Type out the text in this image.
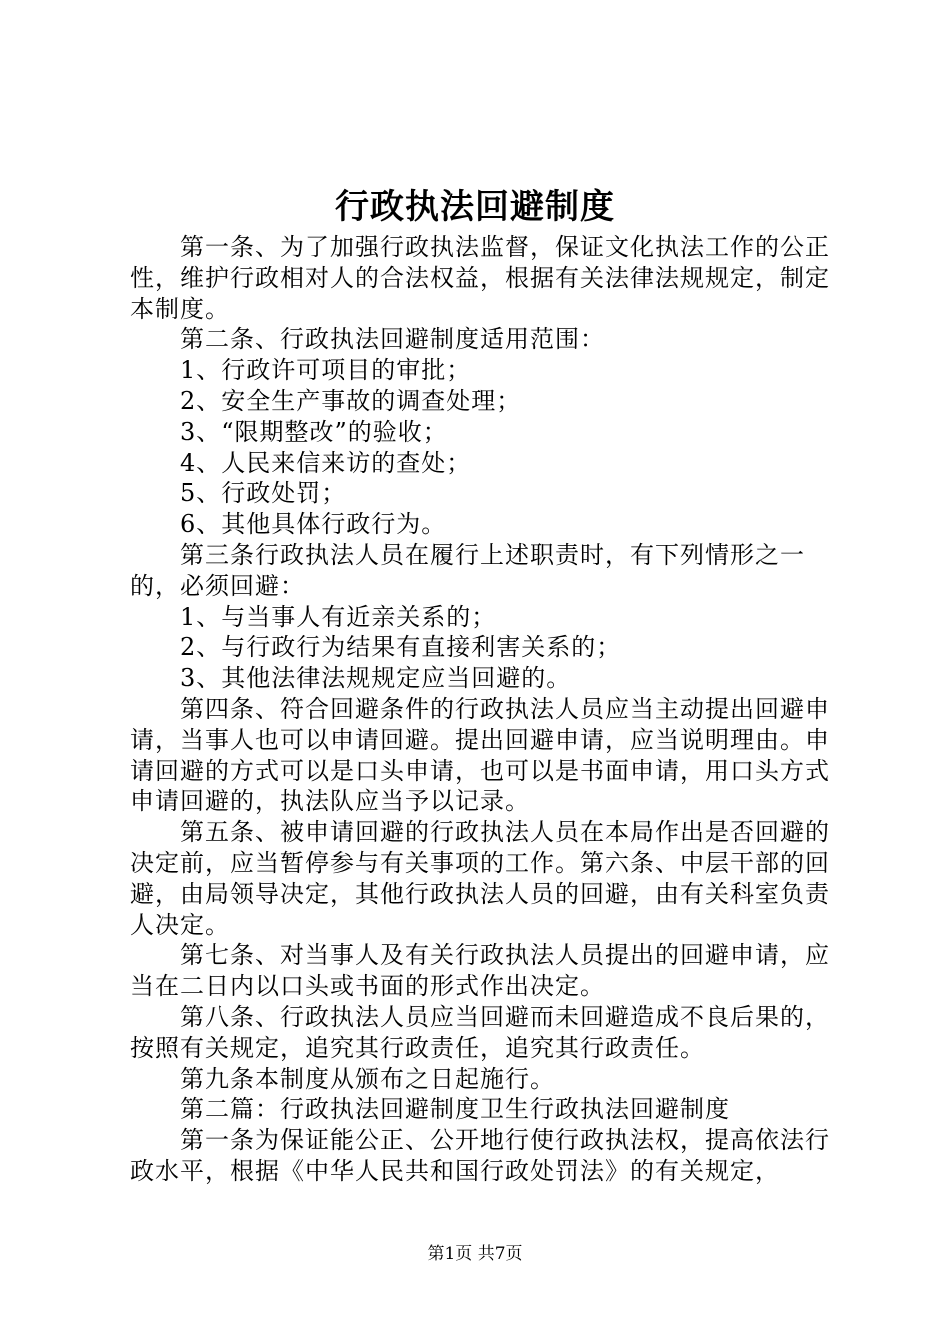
行政执法回避制度

第一条、为了加强行政执法监督，保证文化执法工作的公正性，维护行政相对人的合法权益，根据有关法律法规规定，制定本制度。

第二条、行政执法回避制度适用范围：

1、行政许可项目的审批；

2、安全生产事故的调查处理；

3、“限期整改”的验收；

4、人民来信来访的查处；

5、行政处罚；

6、其他具体行政行为。

第三条行政执法人员在履行上述职责时，有下列情形之一的，必须回避：

1、与当事人有近亲关系的；

2、与行政行为结果有直接利害关系的；

3、其他法律法规规定应当回避的。

第四条、符合回避条件的行政执法人员应当主动提出回避申请，当事人也可以申请回避。提出回避申请，应当说明理由。申请回避的方式可以是口头申请，也可以是书面申请，用口头方式申请回避的，执法队应当予以记录。

第五条、被申请回避的行政执法人员在本局作出是否回避的决定前，应当暂停参与有关事项的工作。第六条、中层干部的回避，由局领导决定，其他行政执法人员的回避，由有关科室负责人决定。

第七条、对当事人及有关行政执法人员提出的回避申请，应当在二日内以口头或书面的形式作出决定。

第八条、行政执法人员应当回避而未回避造成不良后果的，按照有关规定，追究其行政责任，追究其行政责任。

第九条本制度从颁布之日起施行。

第二篇：行政执法回避制度卫生行政执法回避制度

第一条为保证能公正、公开地行使行政执法权，提高依法行政水平，根据《中华人民共和国行政处罚法》的有关规定，

第1页 共7页
